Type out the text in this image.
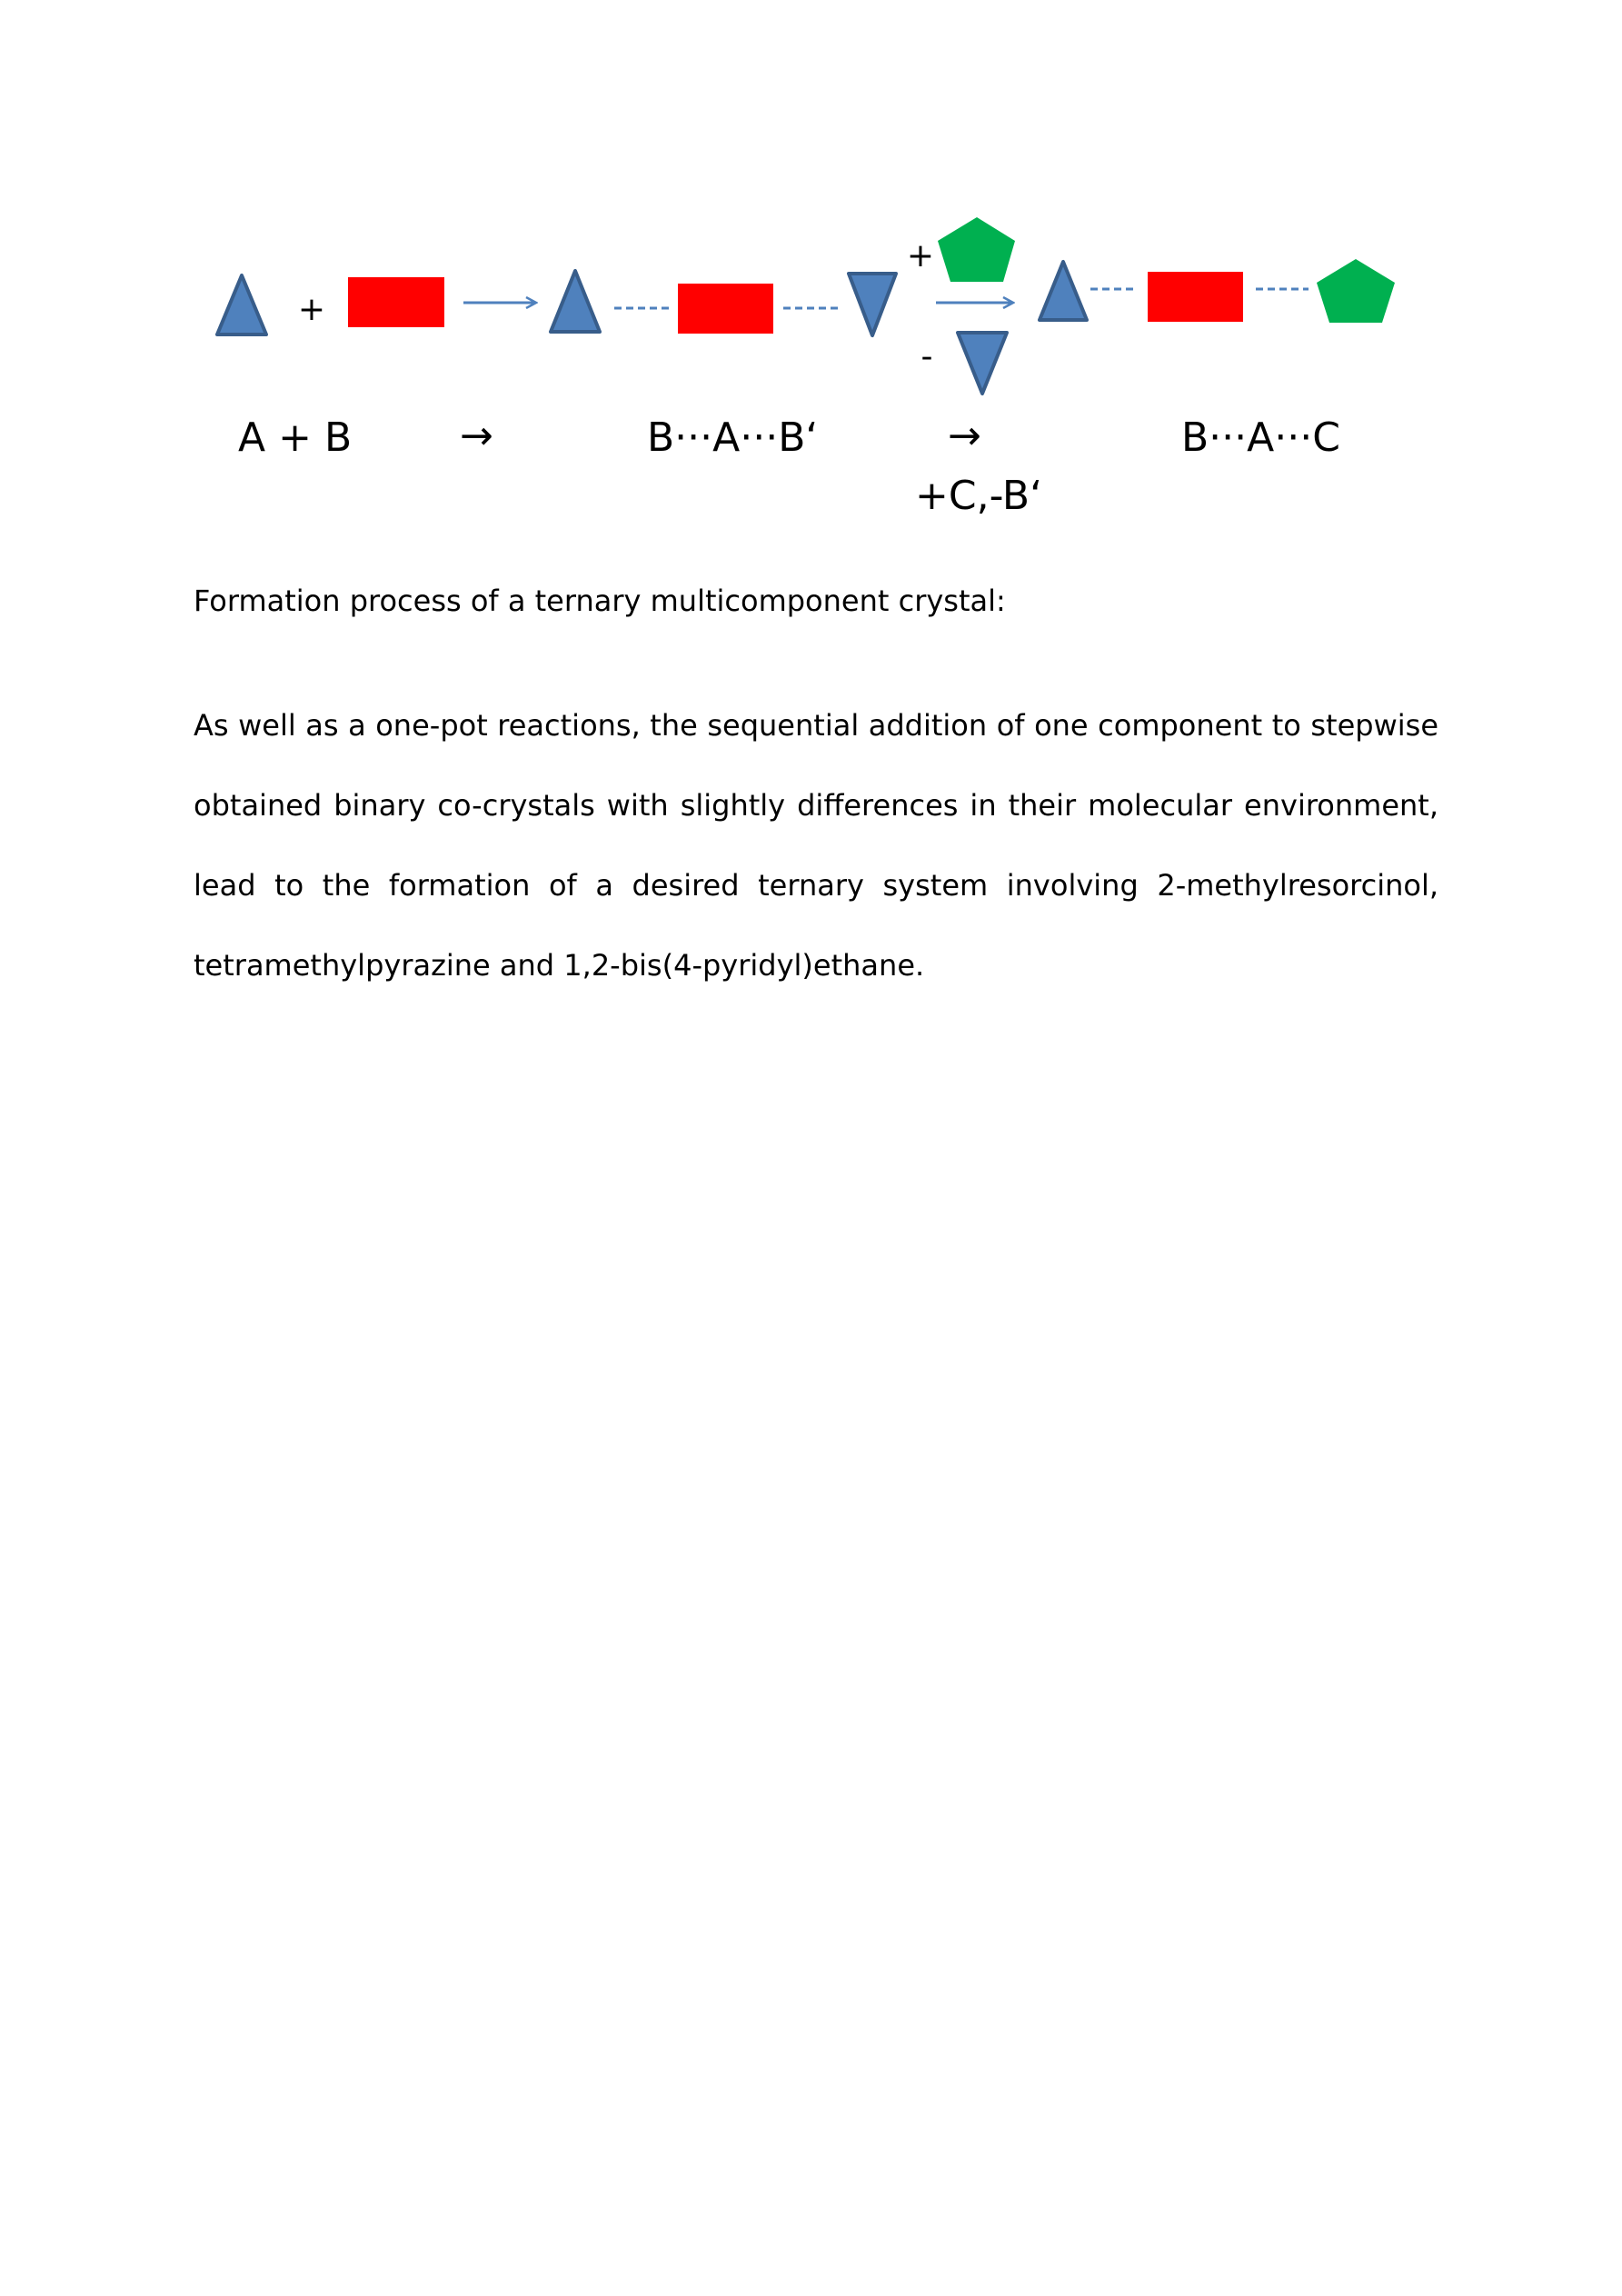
+
+
-
A + B	→	B···A···B‘	→
+C,-B‘
B···A···C
Formation process of a ternary multicomponent crystal:
As well as a one-pot reactions, the sequential addition of one component to stepwise obtained binary co-crystals with slightly differences in their molecular environment, lead to the formation of a desired ternary system involving 2-methylresorcinol, tetramethylpyrazine and 1,2-bis(4-pyridyl)ethane.
